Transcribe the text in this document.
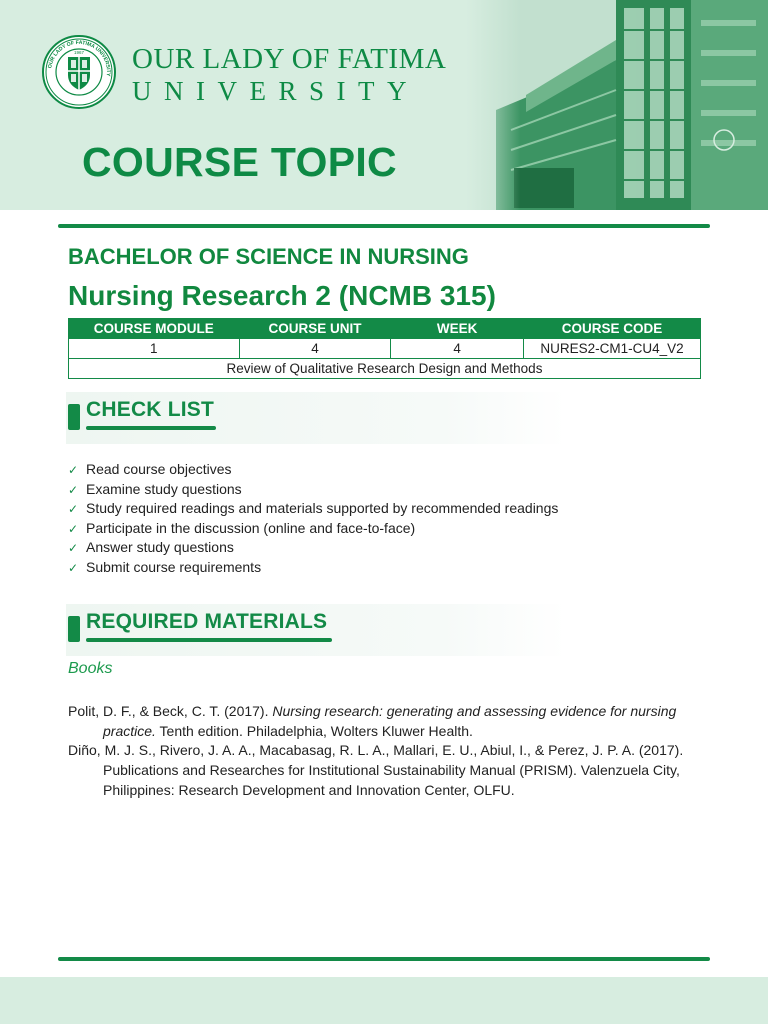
OUR LADY OF FATIMA UNIVERSITY
1967 OUR LADY OF FATIMA
UNIVERSITY
COURSE TOPIC
BACHELOR OF SCIENCE IN NURSING
Nursing Research 2 (NCMB 315)
COURSE MODULE	COURSE UNIT	WEEK	COURSE CODE
1	4	4	NURES2-CM1-CU4_V2
Review of Qualitative Research Design and Methods			
CHECK LIST
✓ Read course objectives
✓ Examine study questions
✓ Study required readings and materials supported by recommended readings
✓ Participate in the discussion (online and face-to-face)
✓ Answer study questions
✓ Submit course requirements
REQUIRED MATERIALS
Books

Polit, D. F., & Beck, C. T. (2017). Nursing research: generating and assessing evidence for nursing practice. Tenth edition. Philadelphia, Wolters Kluwer Health.

Diño, M. J. S., Rivero, J. A. A., Macabasag, R. L. A., Mallari, E. U., Abiul, I., & Perez, J. P. A. (2017). Publications and Researches for Institutional Sustainability Manual (PRISM). Valenzuela City, Philippines: Research Development and Innovation Center, OLFU.
